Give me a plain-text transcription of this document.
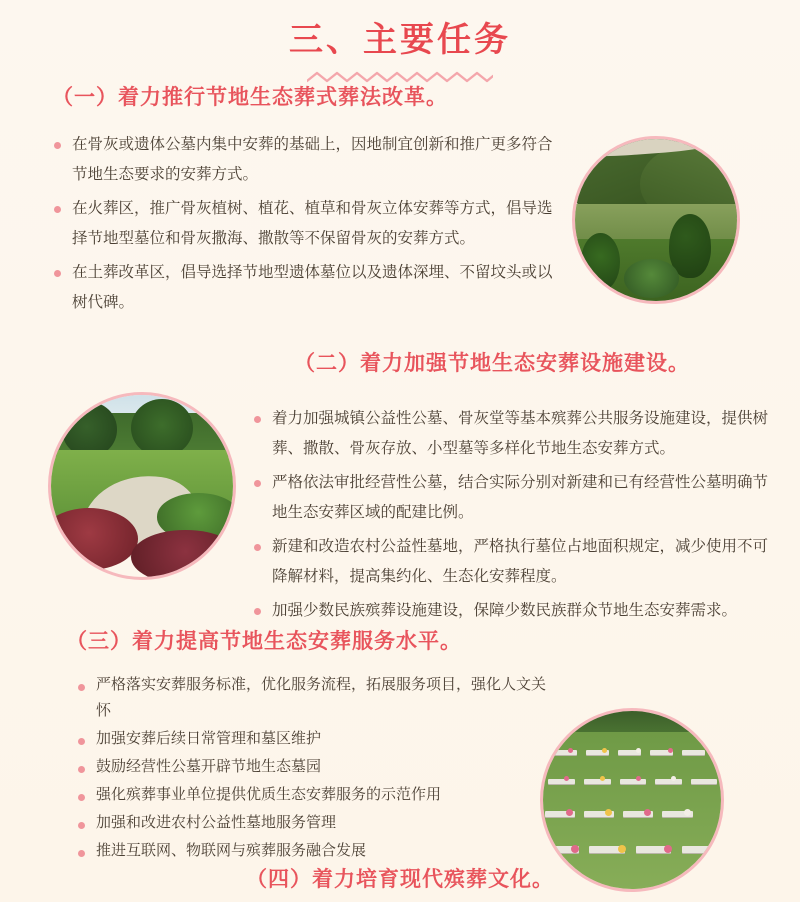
三、主要任务
（一）着力推行节地生态葬式葬法改革。
在骨灰或遗体公墓内集中安葬的基础上，因地制宜创新和推广更多符合节地生态要求的安葬方式。
在火葬区，推广骨灰植树、植花、植草和骨灰立体安葬等方式，倡导选择节地型墓位和骨灰撒海、撒散等不保留骨灰的安葬方式。
在土葬改革区，倡导选择节地型遗体墓位以及遗体深埋、不留坟头或以树代碑。
（二）着力加强节地生态安葬设施建设。
着力加强城镇公益性公墓、骨灰堂等基本殡葬公共服务设施建设，提供树葬、撒散、骨灰存放、小型墓等多样化节地生态安葬方式。
严格依法审批经营性公墓，结合实际分别对新建和已有经营性公墓明确节地生态安葬区域的配建比例。
新建和改造农村公益性墓地，严格执行墓位占地面积规定，减少使用不可降解材料，提高集约化、生态化安葬程度。
加强少数民族殡葬设施建设，保障少数民族群众节地生态安葬需求。
（三）着力提高节地生态安葬服务水平。
严格落实安葬服务标准，优化服务流程，拓展服务项目，强化人文关怀
加强安葬后续日常管理和墓区维护
鼓励经营性公墓开辟节地生态墓园
强化殡葬事业单位提供优质生态安葬服务的示范作用
加强和改进农村公益性墓地服务管理
推进互联网、物联网与殡葬服务融合发展
（四）着力培育现代殡葬文化。
